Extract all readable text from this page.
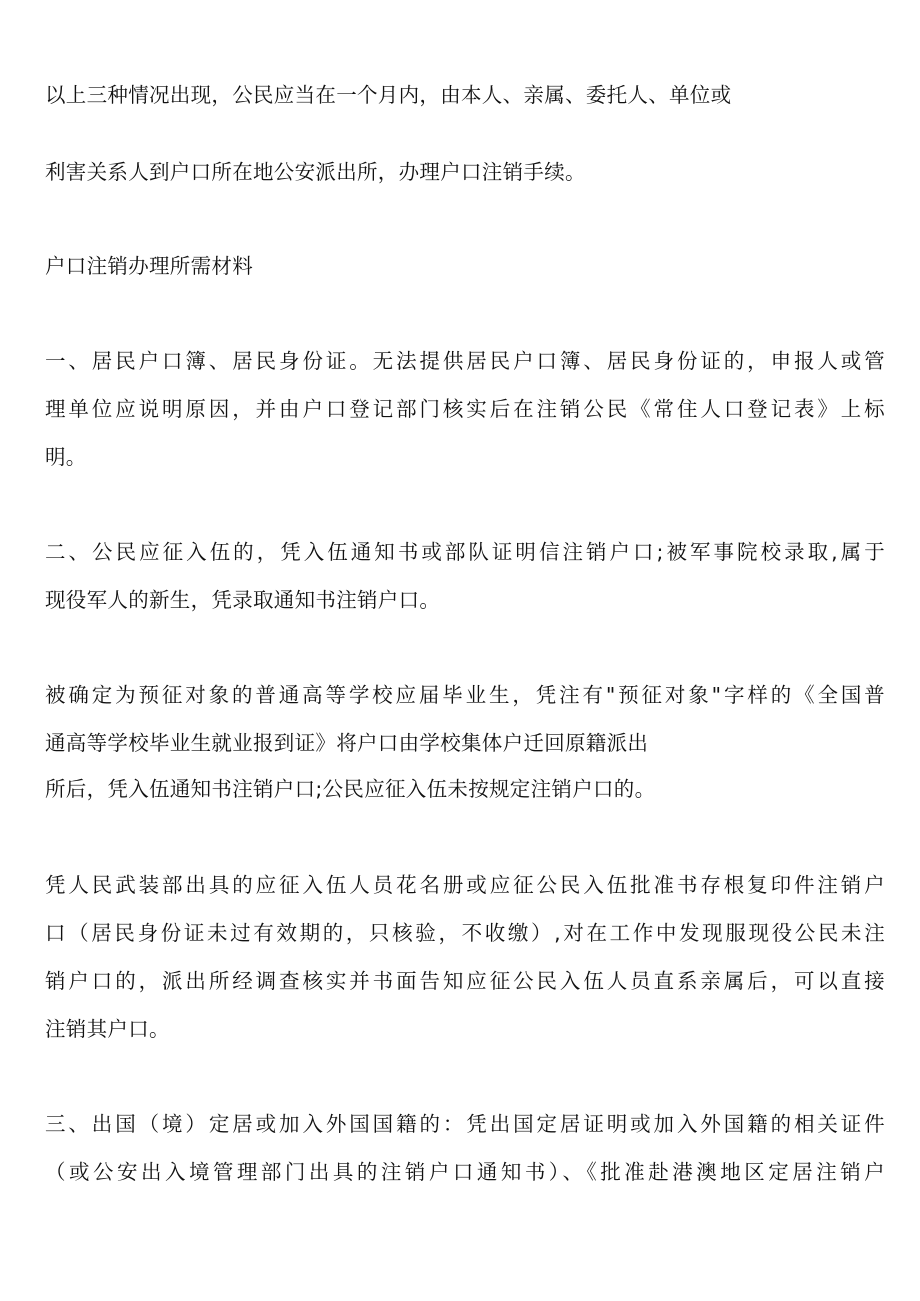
以上三种情况出现，公民应当在一个月内，由本人、亲属、委托人、单位或
利害关系人到户口所在地公安派出所，办理户口注销手续。
户口注销办理所需材料
一、居民户口簿、居民身份证。无法提供居民户口簿、居民身份证的，申报人或管
理单位应说明原因，并由户口登记部门核实后在注销公民《常住人口登记表》上标
明。
二、公民应征入伍的，凭入伍通知书或部队证明信注销户口;被军事院校录取,属于
现役军人的新生，凭录取通知书注销户口。
被确定为预征对象的普通高等学校应届毕业生，凭注有"预征对象"字样的《全国普
通高等学校毕业生就业报到证》将户口由学校集体户迁回原籍派出
所后，凭入伍通知书注销户口;公民应征入伍未按规定注销户口的。
凭人民武装部出具的应征入伍人员花名册或应征公民入伍批准书存根复印件注销户
口（居民身份证未过有效期的，只核验，不收缴）,对在工作中发现服现役公民未注
销户口的，派出所经调查核实并书面告知应征公民入伍人员直系亲属后，可以直接
注销其户口。
三、出国（境）定居或加入外国国籍的：凭出国定居证明或加入外国籍的相关证件
（或公安出入境管理部门出具的注销户口通知书）、《批准赴港澳地区定居注销户
